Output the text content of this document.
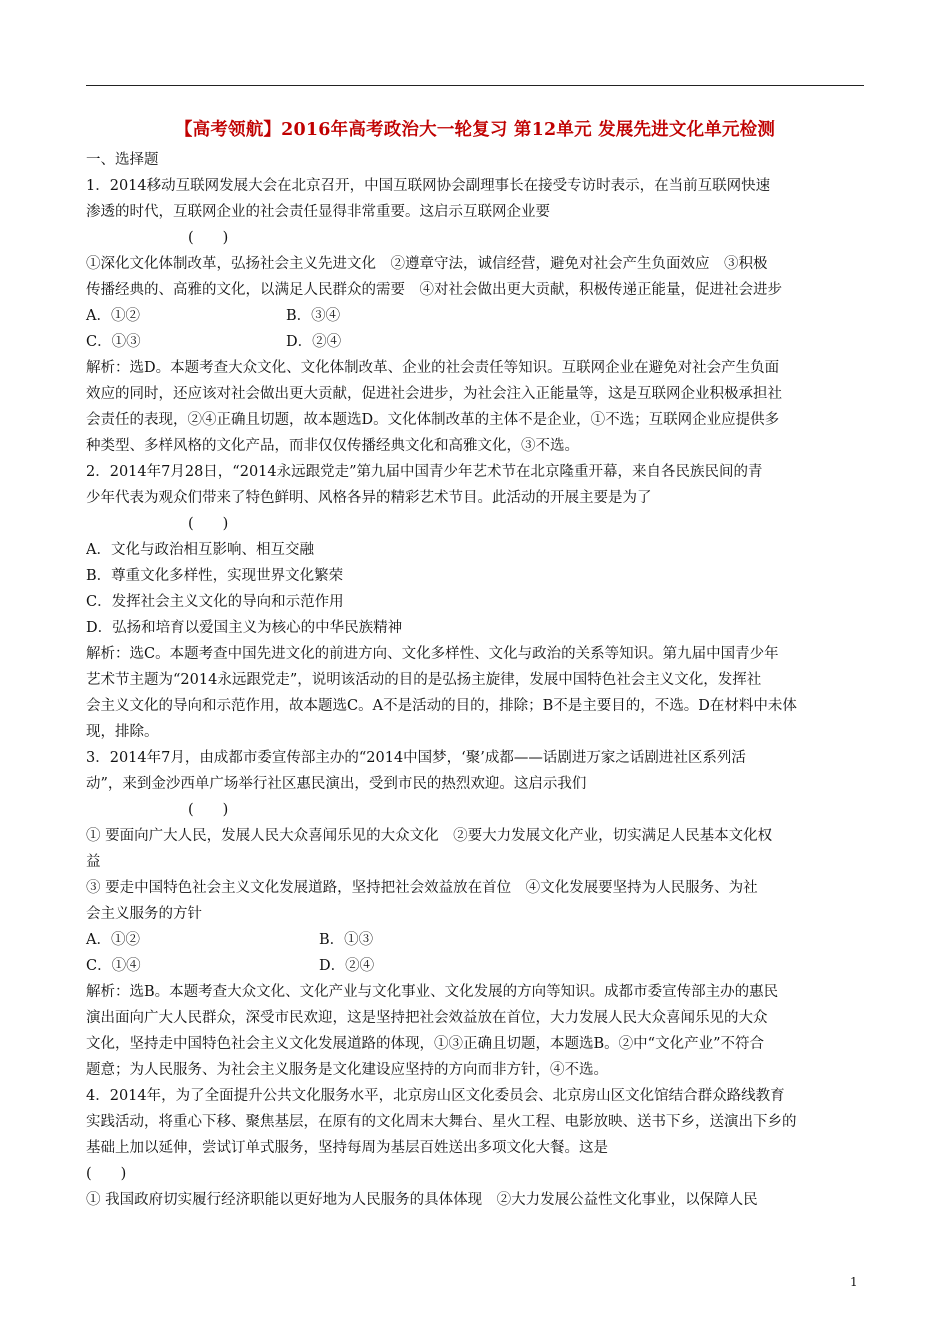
【高考领航】2016年高考政治大一轮复习 第12单元 发展先进文化单元检测
一、选择题
1．2014移动互联网发展大会在北京召开，中国互联网协会副理事长在接受专访时表示，在当前互联网快速
渗透的时代，互联网企业的社会责任显得非常重要。这启示互联网企业要
(　　)
①深化文化体制改革，弘扬社会主义先进文化　②遵章守法，诚信经营，避免对社会产生负面效应　③积极
传播经典的、高雅的文化，以满足人民群众的需要　④对社会做出更大贡献，积极传递正能量，促进社会进步
A．①②	B．③④
C．①③	D．②④
解析：选D。本题考查大众文化、文化体制改革、企业的社会责任等知识。互联网企业在避免对社会产生负面
效应的同时，还应该对社会做出更大贡献，促进社会进步，为社会注入正能量等，这是互联网企业积极承担社
会责任的表现，②④正确且切题，故本题选D。文化体制改革的主体不是企业，①不选；互联网企业应提供多
种类型、多样风格的文化产品，而非仅仅传播经典文化和高雅文化，③不选。
2．2014年7月28日，“2014永远跟党走”第九届中国青少年艺术节在北京隆重开幕，来自各民族民间的青
少年代表为观众们带来了特色鲜明、风格各异的精彩艺术节目。此活动的开展主要是为了
(　　)
A．文化与政治相互影响、相互交融
B．尊重文化多样性，实现世界文化繁荣
C．发挥社会主义文化的导向和示范作用
D．弘扬和培育以爱国主义为核心的中华民族精神
解析：选C。本题考查中国先进文化的前进方向、文化多样性、文化与政治的关系等知识。第九届中国青少年
艺术节主题为“2014永远跟党走”，说明该活动的目的是弘扬主旋律，发展中国特色社会主义文化，发挥社
会主义文化的导向和示范作用，故本题选C。A不是活动的目的，排除；B不是主要目的，不选。D在材料中未体
现，排除。
3．2014年7月，由成都市委宣传部主办的“2014中国梦，‘聚’成都——话剧进万家之话剧进社区系列活
动”，来到金沙西单广场举行社区惠民演出，受到市民的热烈欢迎。这启示我们
(　　)
① 要面向广大人民，发展人民大众喜闻乐见的大众文化　②要大力发展文化产业，切实满足人民基本文化权
益
③ 要走中国特色社会主义文化发展道路，坚持把社会效益放在首位　④文化发展要坚持为人民服务、为社
会主义服务的方针
A．①②	B．①③
C．①④	D．②④
解析：选B。本题考查大众文化、文化产业与文化事业、文化发展的方向等知识。成都市委宣传部主办的惠民
演出面向广大人民群众，深受市民欢迎，这是坚持把社会效益放在首位，大力发展人民大众喜闻乐见的大众
文化，坚持走中国特色社会主义文化发展道路的体现，①③正确且切题，本题选B。②中“文化产业”不符合
题意；为人民服务、为社会主义服务是文化建设应坚持的方向而非方针，④不选。
4．2014年，为了全面提升公共文化服务水平，北京房山区文化委员会、北京房山区文化馆结合群众路线教育
实践活动，将重心下移、聚焦基层，在原有的文化周末大舞台、星火工程、电影放映、送书下乡，送演出下乡的
基础上加以延伸，尝试订单式服务，坚持每周为基层百姓送出多项文化大餐。这是
(　　)
① 我国政府切实履行经济职能以更好地为人民服务的具体体现　②大力发展公益性文化事业，以保障人民
1
